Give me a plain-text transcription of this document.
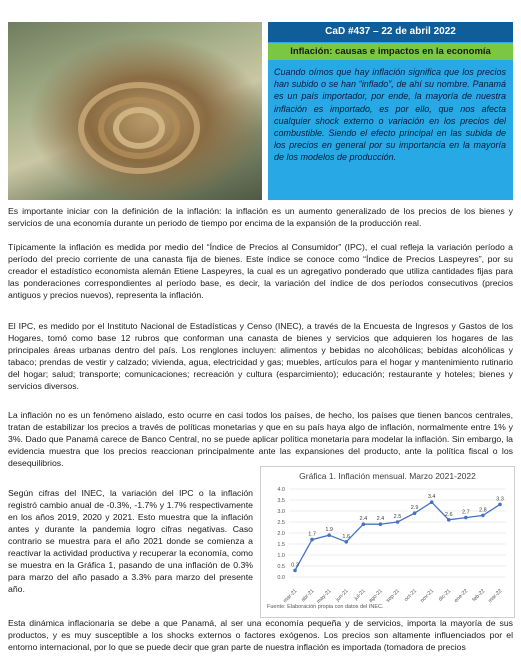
CaD #437 – 22 de abril 2022
Inflación: causas e impactos en la economía
Cuando oímos que hay inflación significa que los precios han subido o se han “inflado”, de ahí su nombre. Panamá es un país importador, por ende, la mayoría de nuestra inflación es importado, es por ello, que nos afecta cualquier shock externo o variación en los precios del combustible. Siendo el efecto principal en las subida de los precios en general por su importancia en la mayoría de los modelos de producción.

Es importante iniciar con la definición de la inflación: la inflación es un aumento generalizado de los precios de los bienes y servicios de una economía durante un periodo de tiempo por encima de la expansión de la producción real.

Típicamente la inflación es medida por medio del “Índice de Precios al Consumidor” (IPC), el cual refleja la variación período a período del precio corriente de una canasta fija de bienes. Este índice se conoce como “Índice de Precios Laspeyres”, por su creador el estadístico economista alemán Etiene Laspeyres, la cual es un agregativo ponderado que utiliza cantidades fijas para las ponderaciones correspondientes al período base, es decir, la variación del índice de dos períodos consecutivos (precios antiguos y precios nuevos), representa la inflación.

El IPC, es medido por el Instituto Nacional de Estadísticas y Censo (INEC), a través de la Encuesta de Ingresos y Gastos de los Hogares, tomó como base 12 rubros que conforman una canasta de bienes y servicios que adquieren los hogares de las principales áreas urbanas dentro del país. Los renglones incluyen: alimentos y bebidas no alcohólicas; bebidas alcohólicas y tabaco; prendas de vestir y calzado; vivienda, agua, electricidad y gas; muebles, artículos para el hogar y mantenimiento rutinario del hogar; salud; transporte; comunicaciones; recreación y cultura (esparcimiento); educación; restaurante y hoteles; bienes y servicios diversos.

La inflación no es un fenómeno aislado, esto ocurre en casi todos los países, de hecho, los países que tienen bancos centrales, tratan de estabilizar los precios a través de políticas monetarias y que en su país haya algo de inflación, normalmente entre 1% y 3%. Dado que Panamá carece de Banco Central, no se puede aplicar política monetaria para modelar la inflación. Sin embargo, la evidencia muestra que los precios reaccionan principalmente ante las expansiones del producto, ante la política fiscal o los desequilibrios.

Según cifras del INEC, la variación del IPC o la inflación registró cambio anual de -0.3%, -1.7% y 1.7% respectivamente en los años 2019, 2020 y 2021. Esto muestra que la inflación antes y durante la pandemia logro cifras negativas. Caso contrario se muestra para el año 2021 donde se comienza a reactivar la actividad productiva y recuperar la economía, como se muestra en la Gráfica 1, pasando de una inflación de 0.3% para marzo del año pasado a 3.3% para marzo del presente año.

Esta dinámica inflacionaria se debe a que Panamá, al ser una economía pequeña y de servicios, importa la mayoría de sus productos, y es muy susceptible a los shocks externos o factores exógenos. Los precios son altamente influenciados por el entorno internacional, por lo que se puede decir que gran parte de nuestra inflación es importada (tomadora de precios

Gráfica 1. Inflación mensual. Marzo 2021-2022
0.0
0.5
1.0
1.5
2.0
2.5
3.0
3.5
4.0
0.3
mar-21
1.7
abr-21
1.9
may-21
1.6
jun-21
2.4
jul-21
2.4
ago-21
2.5
sep-21
2.9
oct-21
3.4
nov-21
2.6
dic-21
2.7
ene-22
2.8
feb-22
3.3
mar-22
Fuente: Elaboración propia con datos del INEC.
